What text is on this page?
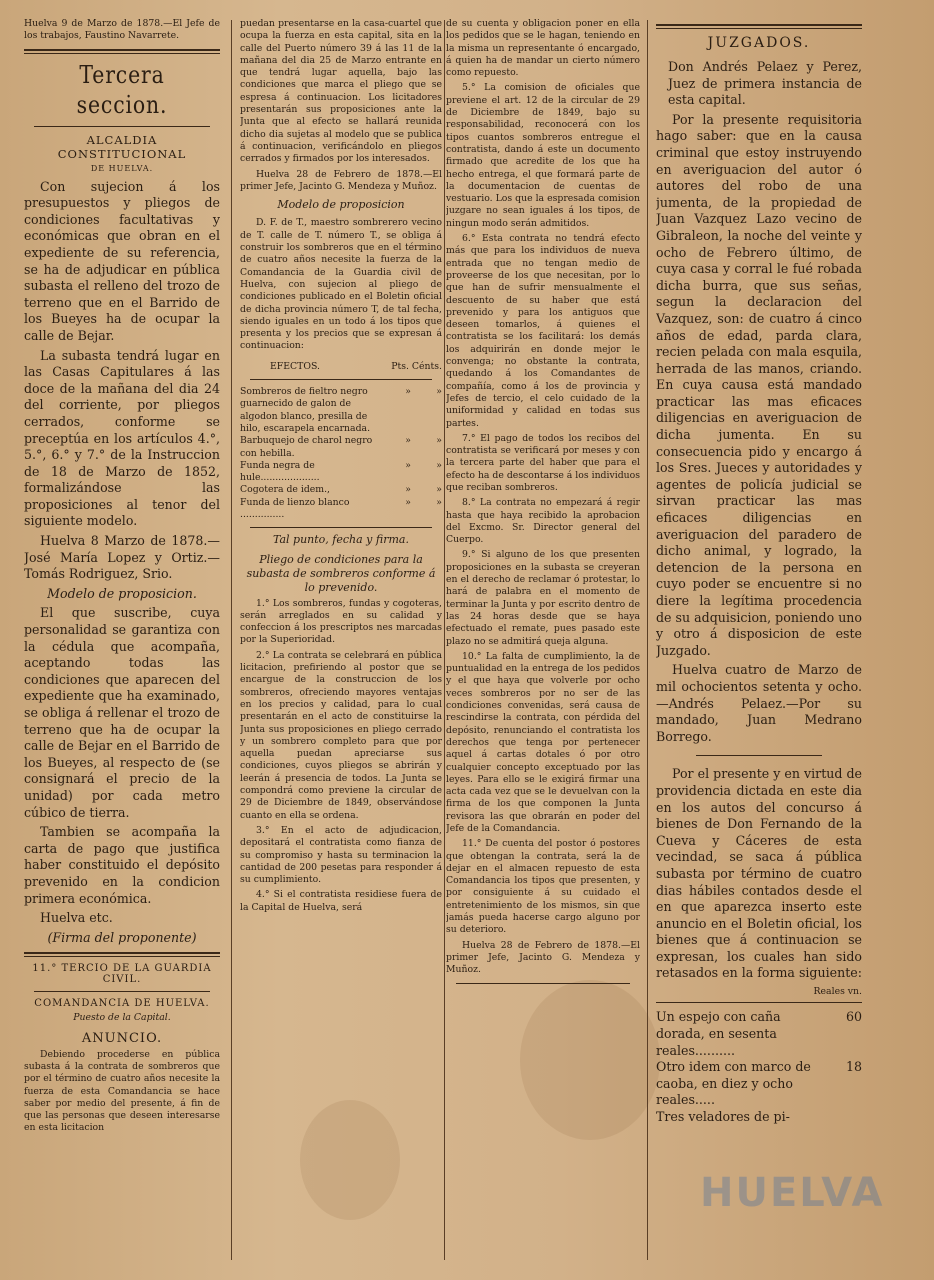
Huelva 9 de Marzo de 1878.—El Jefe de los trabajos, Faustino Navarrete.

Tercera seccion.
ALCALDIA CONSTITUCIONAL
DE HUELVA.

Con sujecion á los presupuestos y pliegos de condiciones facultativas y económicas que obran en el expediente de su referencia, se ha de adjudicar en pública subasta el relleno del trozo de terreno que en el Barrido de los Bueyes ha de ocupar la calle de Bejar.

La subasta tendrá lugar en las Casas Capitulares á las doce de la mañana del dia 24 del corriente, por pliegos cerrados, conforme se preceptúa en los artículos 4.°, 5.°, 6.° y 7.° de la Instruccion de 18 de Marzo de 1852, formalizándose las proposiciones al tenor del siguiente modelo.

Huelva 8 Marzo de 1878.—José María Lopez y Ortiz.—Tomás Rodriguez, Srio.

Modelo de proposicion.

El que suscribe, cuya personalidad se garantiza con la cédula que acompaña, aceptando todas las condiciones que aparecen del expediente que ha examinado, se obliga á rellenar el trozo de terreno que ha de ocupar la calle de Bejar en el Barrido de los Bueyes, al respecto de (se consignará el precio de la unidad) por cada metro cúbico de tierra.

Tambien se acompaña la carta de pago que justifica haber constituido el depósito prevenido en la condicion primera económica.

Huelva etc.

(Firma del proponente)

11.° TERCIO DE LA GUARDIA CIVIL.
COMANDANCIA DE HUELVA.

Puesto de la Capital.

ANUNCIO.

Debiendo procederse en pública subasta á la contrata de sombreros que por el término de cuatro años necesite la fuerza de esta Comandancia se hace saber por medio del presente, á fin de que las personas que deseen interesarse en esta licitacion

puedan presentarse en la casa-cuartel que ocupa la fuerza en esta capital, sita en la calle del Puerto número 39 á las 11 de la mañana del dia 25 de Marzo entrante en que tendrá lugar aquella, bajo las condiciones que marca el pliego que se espresa á continuacion. Los licitadores presentarán sus proposiciones ante la Junta que al efecto se hallará reunida dicho dia sujetas al modelo que se publica á continuacion, verificándolo en pliegos cerrados y firmados por los interesados.

Huelva 28 de Febrero de 1878.—El primer Jefe, Jacinto G. Mendeza y Muñoz.

Modelo de proposicion

D. F. de T., maestro sombrerero vecino de T. calle de T. número T., se obliga á construir los sombreros que en el término de cuatro años necesite la fuerza de la Comandancia de la Guardia civil de Huelva, con sujecion al pliego de condiciones publicado en el Boletin oficial de dicha provincia número T, de tal fecha, siendo iguales en un todo á los tipos que presenta y los precios que se expresan á continuacion:

EFECTOS.	Pts. Cénts.
Sombreros de fieltro negro guarnecido de galon de algodon blanco, presilla de hilo, escarapela encarnada.
»	»
Barbuquejo de charol negro con hebilla.
»	»
Funda negra de hule....................
»	»
Cogotera de idem.,	»	»
Funda de lienzo blanco ...............
»	»

Tal punto, fecha y firma.

Pliego de condiciones para la subasta de sombreros conforme á lo prevenido.

1.° Los sombreros, fundas y cogoteras, serán arreglados en su calidad y confeccion á los prescriptos nes marcadas por la Superioridad.

2.° La contrata se celebrará en pública licitacion, prefiriendo al postor que se encargue de la construccion de los sombreros, ofreciendo mayores ventajas en los precios y calidad, para lo cual presentarán en el acto de constituirse la Junta sus proposiciones en pliego cerrado y un sombrero completo para que por aquella puedan apreciarse sus condiciones, cuyos pliegos se abrirán y leerán á presencia de todos. La Junta se compondrá como previene la circular de 29 de Diciembre de 1849, observándose cuanto en ella se ordena.

3.° En el acto de adjudicacion, depositará el contratista como fianza de su compromiso y hasta su terminacion la cantidad de 200 pesetas para responder á su cumplimiento.

4.° Si el contratista residiese fuera de la Capital de Huelva, será

de su cuenta y obligacion poner en ella los pedidos que se le hagan, teniendo en la misma un representante ó encargado, á quien ha de mandar un cierto número como repuesto.

5.° La comision de oficiales que previene el art. 12 de la circular de 29 de Diciembre de 1849, bajo su responsabilidad, reconocerá con los tipos cuantos sombreros entregue el contratista, dando á este un documento firmado que acredite de los que ha hecho entrega, el que formará parte de la documentacion de cuentas de vestuario. Los que la espresada comision juzgare no sean iguales á los tipos, de ningun modo serán admitidos.

6.° Esta contrata no tendrá efecto más que para los individuos de nueva entrada que no tengan medio de proveerse de los que necesitan, por lo que han de sufrir mensualmente el descuento de su haber que está prevenido y para los antiguos que deseen tomarlos, á quienes el contratista se los facilitará: los demás los adquirirán en donde mejor le convenga; no obstante la contrata, quedando á los Comandantes de compañía, como á los de provincia y Jefes de tercio, el celo cuidado de la uniformidad y calidad en todas sus partes.

7.° El pago de todos los recibos del contratista se verificará por meses y con la tercera parte del haber que para el efecto ha de descontarse á los individuos que reciban sombreros.

8.° La contrata no empezará á regir hasta que haya recibido la aprobacion del Excmo. Sr. Director general del Cuerpo.

9.° Si alguno de los que presenten proposiciones en la subasta se creyeran en el derecho de reclamar ó protestar, lo hará de palabra en el momento de terminar la Junta y por escrito dentro de las 24 horas desde que se haya efectuado el remate, pues pasado este plazo no se admitirá queja alguna.

10.° La falta de cumplimiento, la de puntualidad en la entrega de los pedidos y el que haya que volverle por ocho veces sombreros por no ser de las condiciones convenidas, será causa de rescindirse la contrata, con pérdida del depósito, renunciando el contratista los derechos que tenga por pertenecer aquel á cartas dotales ó por otro cualquier concepto exceptuado por las leyes. Para ello se le exigirá firmar una acta cada vez que se le devuelvan con la firma de los que componen la Junta revisora las que obrarán en poder del Jefe de la Comandancia.

11.° De cuenta del postor ó postores que obtengan la contrata, será la de dejar en el almacen repuesto de esta Comandancia los tipos que presenten, y por consiguiente á su cuidado el entretenimiento de los mismos, sin que jamás pueda hacerse cargo alguno por su deterioro.

Huelva 28 de Febrero de 1878.—El primer Jefe, Jacinto G. Mendeza y Muñoz.

JUZGADOS.

Don Andrés Pelaez y Perez, Juez de primera instancia de esta capital.

Por la presente requisitoria hago saber: que en la causa criminal que estoy instruyendo en averiguacion del autor ó autores del robo de una jumenta, de la propiedad de Juan Vazquez Lazo vecino de Gibraleon, la noche del veinte y ocho de Febrero último, de cuya casa y corral le fué robada dicha burra, que sus señas, segun la declaracion del Vazquez, son: de cuatro á cinco años de edad, parda clara, recien pelada con mala esquila, herrada de las manos, criando. En cuya causa está mandado practicar las mas eficaces diligencias en averiguacion de dicha jumenta. En su consecuencia pido y encargo á los Sres. Jueces y autoridades y agentes de policía judicial se sirvan practicar las mas eficaces diligencias en averiguacion del paradero de dicho animal, y logrado, la detencion de la persona en cuyo poder se encuentre si no diere la legítima procedencia de su adquisicion, poniendo uno y otro á disposicion de este Juzgado.

Huelva cuatro de Marzo de mil ochocientos setenta y ocho.—Andrés Pelaez.—Por su mandado, Juan Medrano Borrego.

Por el presente y en virtud de providencia dictada en este dia en los autos del concurso á bienes de Don Fernando de la Cueva y Cáceres de esta vecindad, se saca á pública subasta por término de cuatro dias hábiles contados desde el en que aparezca inserto este anuncio en el Boletin oficial, los bienes que á continuacion se expresan, los cuales han sido retasados en la forma siguiente:

Reales vn.

Un espejo con caña dorada, en sesenta reales..........
60
Otro idem con marco de caoba, en diez y ocho reales.....
18
Tres veladores de pi-
HUELVA
